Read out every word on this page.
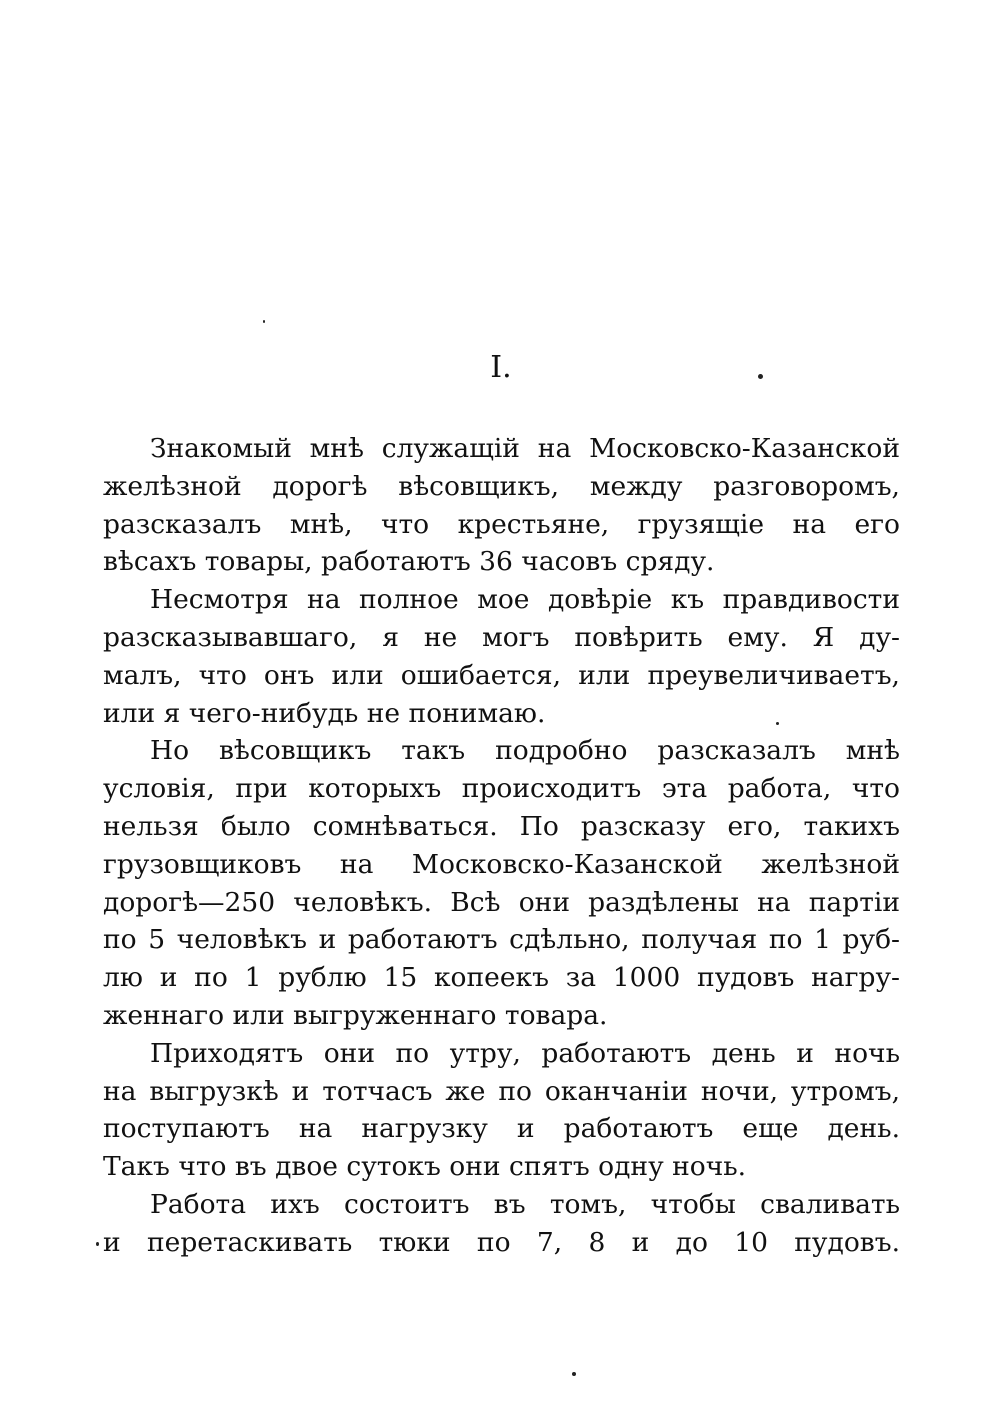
I.
Знакомый мнѣ служащій на Московско-Казанской
желѣзной дорогѣ вѣсовщикъ, между разговоромъ,
разсказалъ мнѣ, что крестьяне, грузящіе на его
вѣсахъ товары, работаютъ 36 часовъ сряду.
Несмотря на полное мое довѣріе къ правдивости
разсказывавшаго, я не могъ повѣрить ему. Я ду-
малъ, что онъ или ошибается, или преувеличиваетъ,
или я чего-нибудь не понимаю.
Но вѣсовщикъ такъ подробно разсказалъ мнѣ
условія, при которыхъ происходитъ эта работа, что
нельзя было сомнѣваться. По разсказу его, такихъ
грузовщиковъ на Московско-Казанской желѣзной
дорогѣ—250 человѣкъ. Всѣ они раздѣлены на партіи
по 5 человѣкъ и работаютъ сдѣльно, получая по 1 руб-
лю и по 1 рублю 15 копеекъ за 1000 пудовъ нагру-
женнаго или выгруженнаго товара.
Приходятъ они по утру, работаютъ день и ночь
на выгрузкѣ и тотчасъ же по оканчаніи ночи, утромъ,
поступаютъ на нагрузку и работаютъ еще день.
Такъ что въ двое сутокъ они спятъ одну ночь.
Работа ихъ состоитъ въ томъ, чтобы сваливать
и перетаскивать тюки по 7, 8 и до 10 пудовъ.
